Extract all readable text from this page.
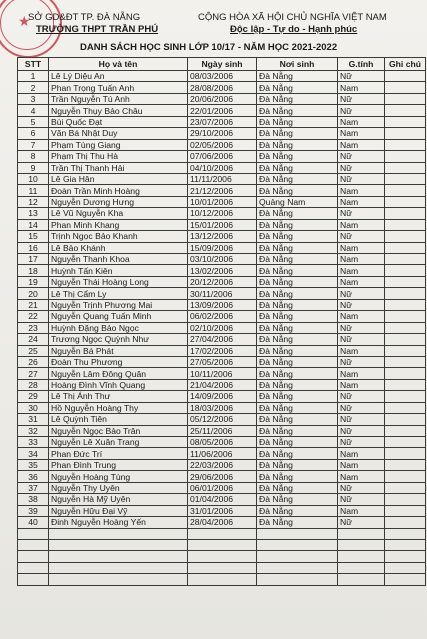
★
SỞ GD&ĐT TP. ĐÀ NẴNG
TRƯỜNG THPT TRẦN PHÚ
CỘNG HÒA XÃ HỘI CHỦ NGHĨA VIỆT NAM
Độc lập - Tự do - Hạnh phúc
DANH SÁCH HỌC SINH LỚP 10/17 - NĂM HỌC 2021-2022
STT	Họ và tên	Ngày sinh	Nơi sinh	G.tính	Ghi chú
1	Lê Lý Diệu An	08/03/2006	Đà Nẵng	Nữ	
2	Phan Trọng Tuấn Anh	28/08/2006	Đà Nẵng	Nam	
3	Trần Nguyễn Tú Anh	20/06/2006	Đà Nẵng	Nữ	
4	Nguyễn Thụy Bảo Châu	22/01/2006	Đà Nẵng	Nữ	
5	Bùi Quốc Đạt	23/07/2006	Đà Nẵng	Nam	
6	Văn Bá Nhật Duy	29/10/2006	Đà Nẵng	Nam	
7	Phạm Tùng Giang	02/05/2006	Đà Nẵng	Nam	
8	Phạm Thị Thu Hà	07/06/2006	Đà Nẵng	Nữ	
9	Trần Thị Thanh Hải	04/10/2006	Đà Nẵng	Nữ	
10	Lê Gia Hân	11/11/2006	Đà Nẵng	Nữ	
11	Đoàn Trần Minh Hoàng	21/12/2006	Đà Nẵng	Nam	
12	Nguyễn Dương Hưng	10/01/2006	Quảng Nam	Nam	
13	Lê Vũ Nguyễn Kha	10/12/2006	Đà Nẵng	Nữ	
14	Phan Minh Khang	15/01/2006	Đà Nẵng	Nam	
15	Trịnh Ngọc Bảo Khanh	13/12/2006	Đà Nẵng	Nữ	
16	Lê Bảo Khánh	15/09/2006	Đà Nẵng	Nam	
17	Nguyễn Thanh Khoa	03/10/2006	Đà Nẵng	Nam	
18	Huỳnh Tấn Kiên	13/02/2006	Đà Nẵng	Nam	
19	Nguyễn Thái Hoàng Long	20/12/2006	Đà Nẵng	Nam	
20	Lê Thị Cẩm Ly	30/11/2006	Đà Nẵng	Nữ	
21	Nguyễn Trịnh Phương Mai	13/09/2006	Đà Nẵng	Nữ	
22	Nguyễn Quang Tuấn Minh	06/02/2006	Đà Nẵng	Nam	
23	Huỳnh Đặng Bảo Ngọc	02/10/2006	Đà Nẵng	Nữ	
24	Trương Ngọc Quỳnh Như	27/04/2006	Đà Nẵng	Nữ	
25	Nguyễn Bá Phát	17/02/2006	Đà Nẵng	Nam	
26	Đoàn Thu Phương	27/05/2006	Đà Nẵng	Nữ	
27	Nguyễn Lâm Đông Quân	10/11/2006	Đà Nẵng	Nam	
28	Hoàng Đình Vĩnh Quang	21/04/2006	Đà Nẵng	Nam	
29	Lê Thị Ánh Thư	14/09/2006	Đà Nẵng	Nữ	
30	Hồ Nguyễn Hoàng Thy	18/03/2006	Đà Nẵng	Nữ	
31	Lê Quỳnh Tiên	05/12/2006	Đà Nẵng	Nữ	
32	Nguyễn Ngọc Bảo Trân	25/11/2006	Đà Nẵng	Nữ	
33	Nguyễn Lê Xuân Trang	08/05/2006	Đà Nẵng	Nữ	
34	Phan Đức Trí	11/06/2006	Đà Nẵng	Nam	
35	Phan Đình Trung	22/03/2006	Đà Nẵng	Nam	
36	Nguyễn Hoàng Tùng	29/06/2006	Đà Nẵng	Nam	
37	Nguyễn Thy Uyên	06/01/2006	Đà Nẵng	Nữ	
38	Nguyễn Hà Mỹ Uyên	01/04/2006	Đà Nẵng	Nữ	
39	Nguyễn Hữu Đại Vỹ	31/01/2006	Đà Nẵng	Nam	
40	Đinh Nguyễn Hoàng Yến	28/04/2006	Đà Nẵng	Nữ	
